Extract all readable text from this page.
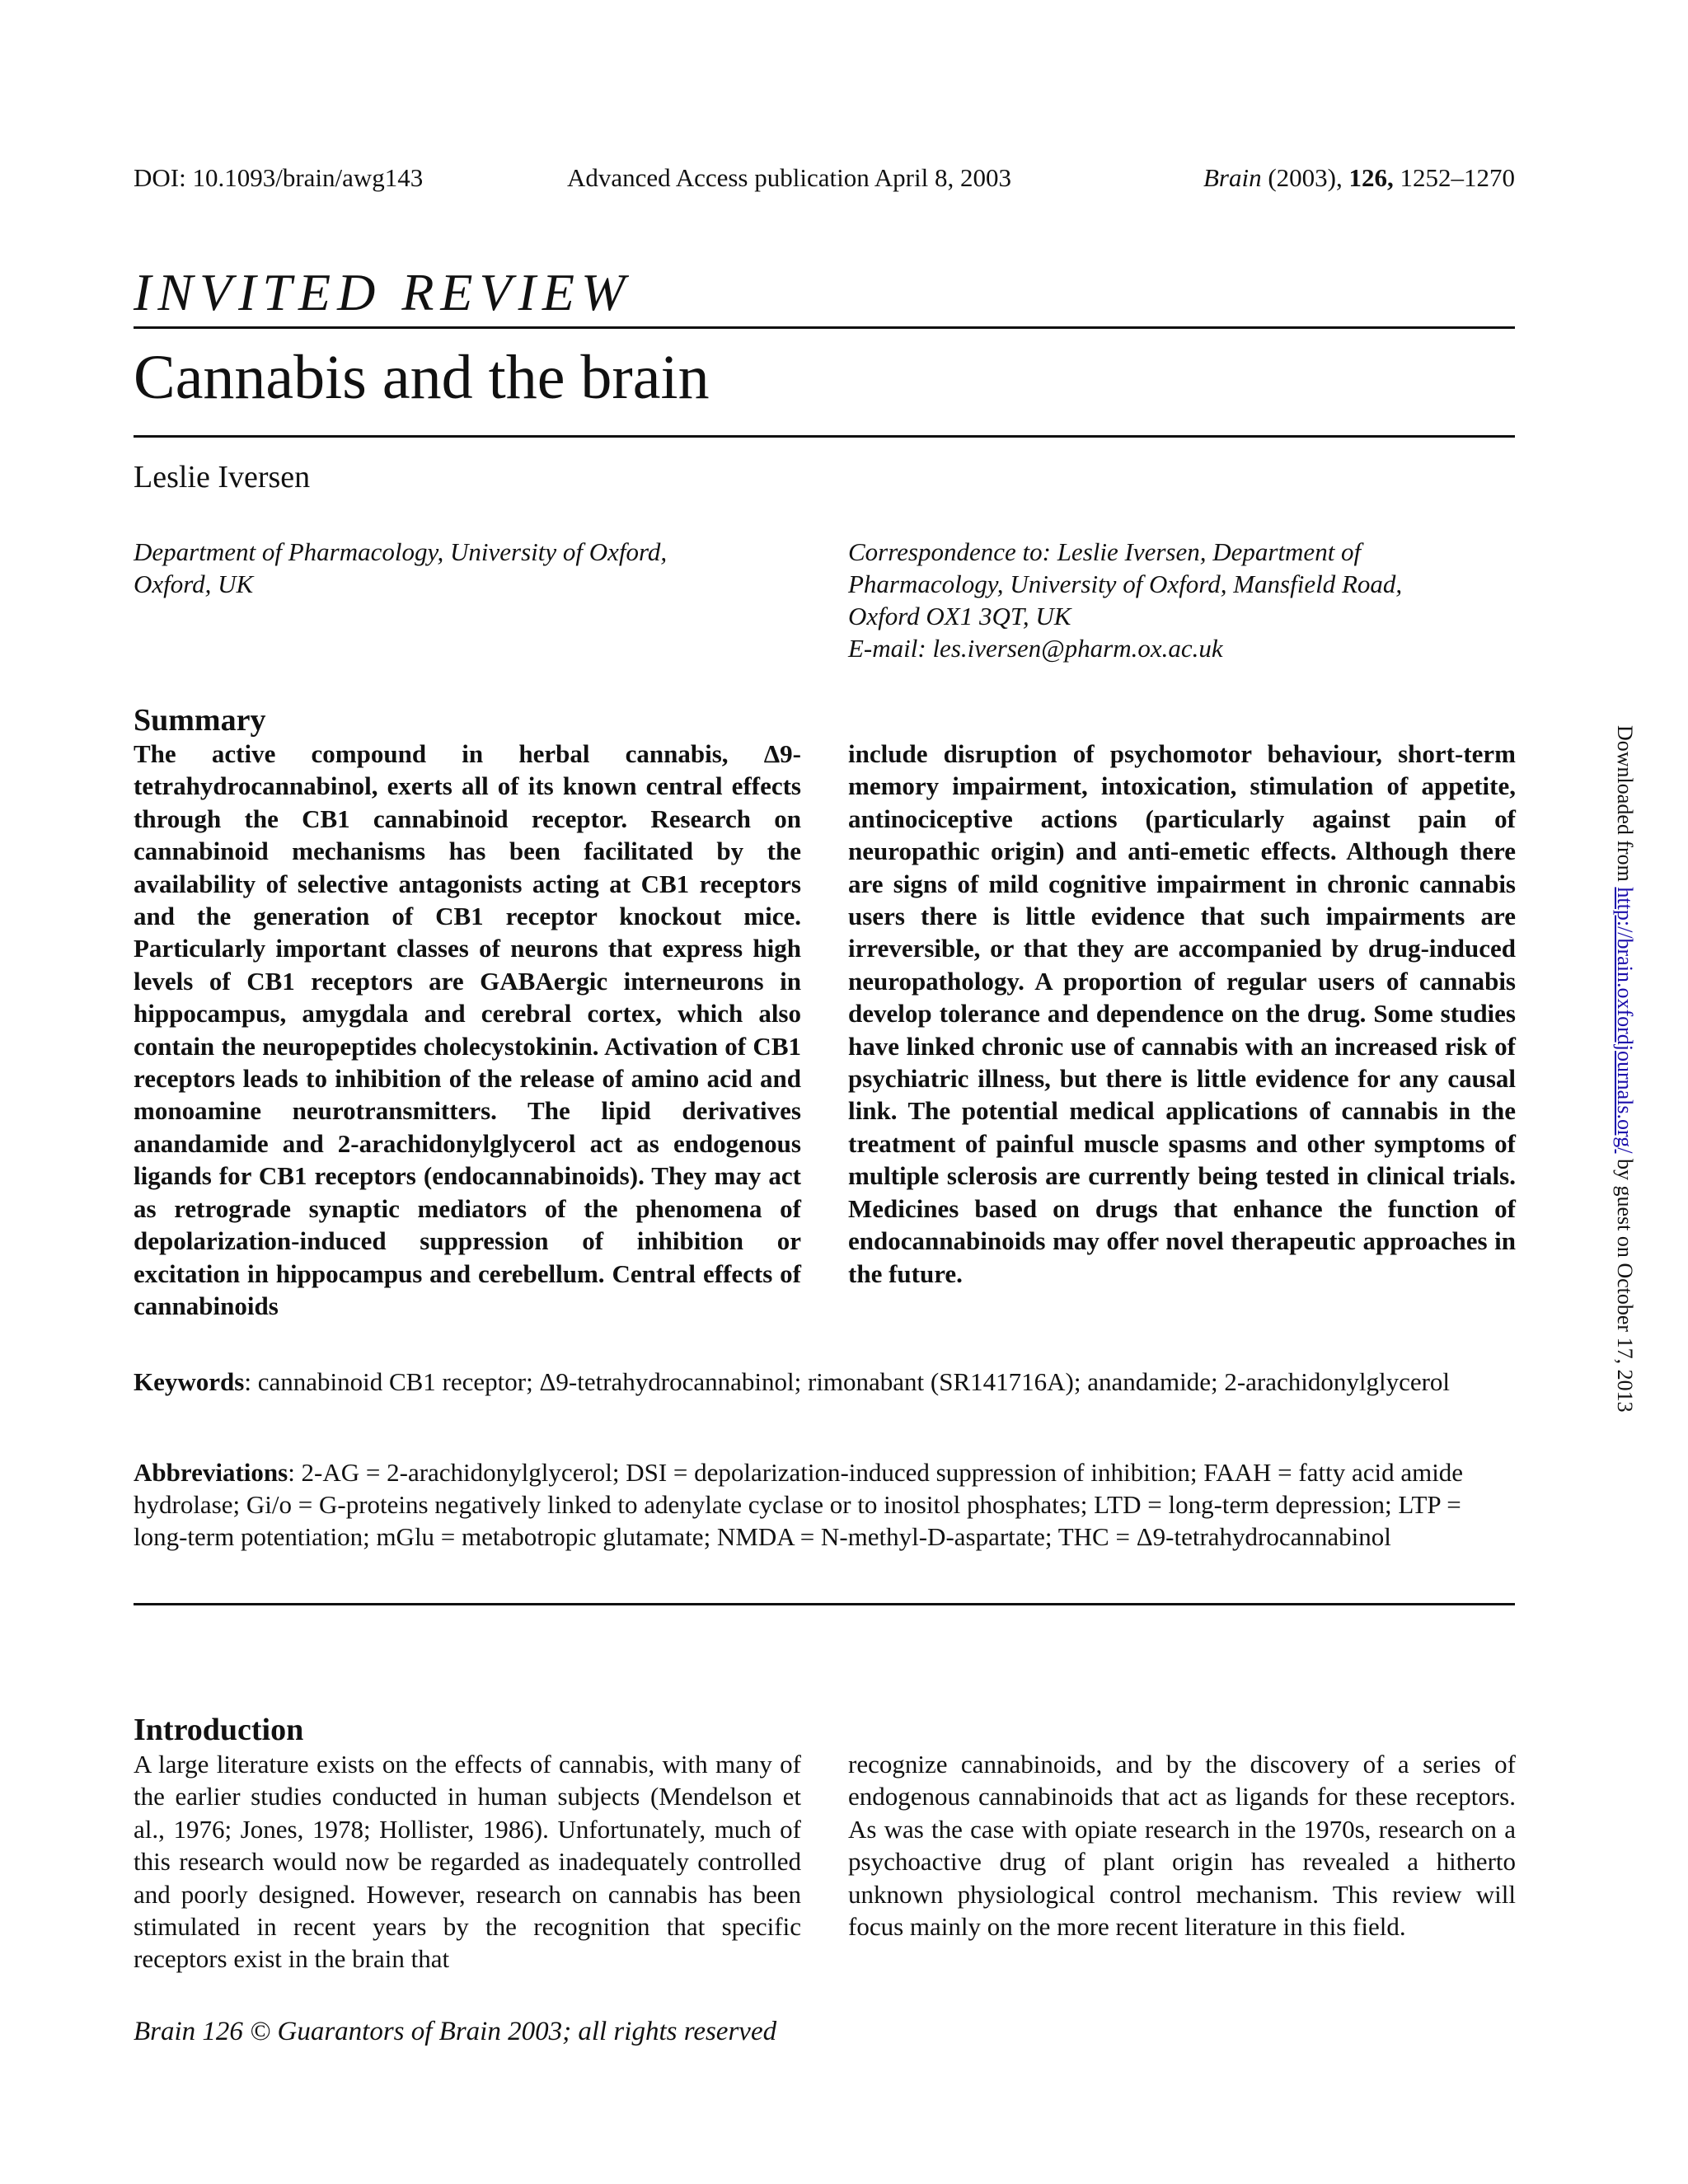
DOI: 10.1093/brain/awg143	Advanced Access publication April 8, 2003	Brain (2003), 126, 1252–1270
INVITED REVIEW
Cannabis and the brain
Leslie Iversen
Department of Pharmacology, University of Oxford,
Oxford, UK
Correspondence to: Leslie Iversen, Department of
Pharmacology, University of Oxford, Mansfield Road,
Oxford OX1 3QT, UK
E-mail: les.iversen@pharm.ox.ac.uk
Summary
The active compound in herbal cannabis, Δ9-tetrahydrocannabinol, exerts all of its known central effects through the CB1 cannabinoid receptor. Research on cannabinoid mechanisms has been facilitated by the availability of selective antagonists acting at CB1 receptors and the generation of CB1 receptor knockout mice. Particularly important classes of neurons that express high levels of CB1 receptors are GABAergic interneurons in hippocampus, amygdala and cerebral cortex, which also contain the neuropeptides cholecystokinin. Activation of CB1 receptors leads to inhibition of the release of amino acid and monoamine neurotransmitters. The lipid derivatives anandamide and 2-arachidonylglycerol act as endogenous ligands for CB1 receptors (endocannabinoids). They may act as retrograde synaptic mediators of the phenomena of depolarization-induced suppression of inhibition or excitation in hippocampus and cerebellum. Central effects of cannabinoids
include disruption of psychomotor behaviour, short-term memory impairment, intoxication, stimulation of appetite, antinociceptive actions (particularly against pain of neuropathic origin) and anti-emetic effects. Although there are signs of mild cognitive impairment in chronic cannabis users there is little evidence that such impairments are irreversible, or that they are accompanied by drug-induced neuropathology. A proportion of regular users of cannabis develop tolerance and dependence on the drug. Some studies have linked chronic use of cannabis with an increased risk of psychiatric illness, but there is little evidence for any causal link. The potential medical applications of cannabis in the treatment of painful muscle spasms and other symptoms of multiple sclerosis are currently being tested in clinical trials. Medicines based on drugs that enhance the function of endocannabinoids may offer novel therapeutic approaches in the future.
Keywords: cannabinoid CB1 receptor; Δ9-tetrahydrocannabinol; rimonabant (SR141716A); anandamide; 2-arachidonylglycerol
Abbreviations: 2-AG = 2-arachidonylglycerol; DSI = depolarization-induced suppression of inhibition; FAAH = fatty acid amide hydrolase; Gi/o = G-proteins negatively linked to adenylate cyclase or to inositol phosphates; LTD = long-term depression; LTP = long-term potentiation; mGlu = metabotropic glutamate; NMDA = N-methyl-D-aspartate; THC = Δ9-tetrahydrocannabinol
Introduction
A large literature exists on the effects of cannabis, with many of the earlier studies conducted in human subjects (Mendelson et al., 1976; Jones, 1978; Hollister, 1986). Unfortunately, much of this research would now be regarded as inadequately controlled and poorly designed. However, research on cannabis has been stimulated in recent years by the recognition that specific receptors exist in the brain that
recognize cannabinoids, and by the discovery of a series of endogenous cannabinoids that act as ligands for these receptors. As was the case with opiate research in the 1970s, research on a psychoactive drug of plant origin has revealed a hitherto unknown physiological control mechanism. This review will focus mainly on the more recent literature in this field.
Brain 126 © Guarantors of Brain 2003; all rights reserved
Downloaded from http://brain.oxfordjournals.org/ by guest on October 17, 2013
